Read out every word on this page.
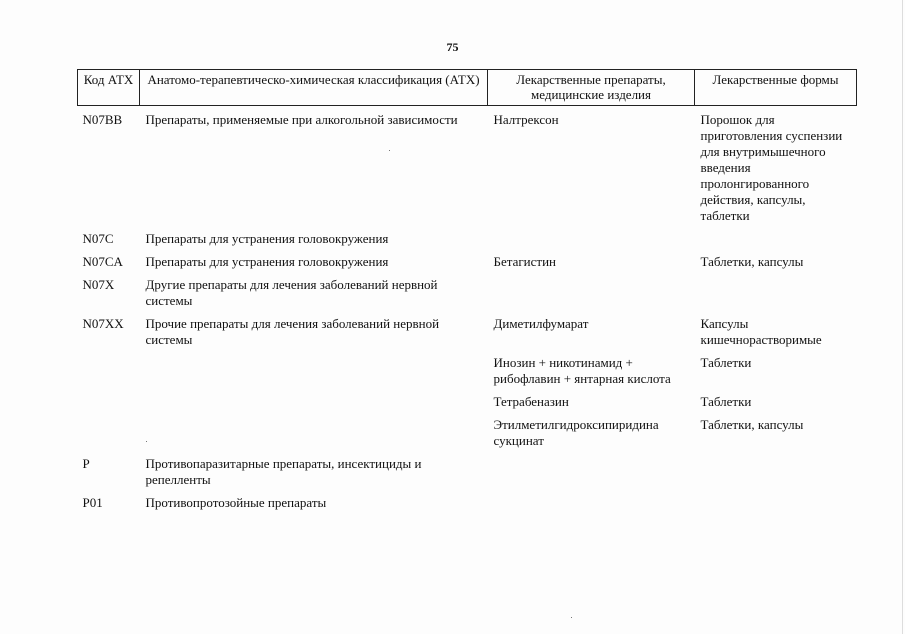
75
Код АТХ	Анатомо-терапевтическо-химическая классификация (АТХ)	Лекарственные препараты, медицинские изделия	Лекарственные формы
N07BB	Препараты, применяемые при алкогольной зависимости	Налтрексон	Порошок для приготовления суспензии для внутримышечного введения пролонгированного действия, капсулы, таблетки
N07C	Препараты для устранения головокружения		
N07CA	Препараты для устранения головокружения	Бетагистин	Таблетки, капсулы
N07X	Другие препараты для лечения заболеваний нервной системы		
N07XX	Прочие препараты для лечения заболеваний нервной системы	Диметилфумарат	Капсулы кишечнорастворимые
		Инозин + никотинамид + рибофлавин + янтарная кислота	Таблетки
		Тетрабеназин	Таблетки
		Этилметилгидроксипиридина сукцинат	Таблетки, капсулы
P	Противопаразитарные препараты, инсектициды и репелленты		
P01	Противопротозойные препараты		
